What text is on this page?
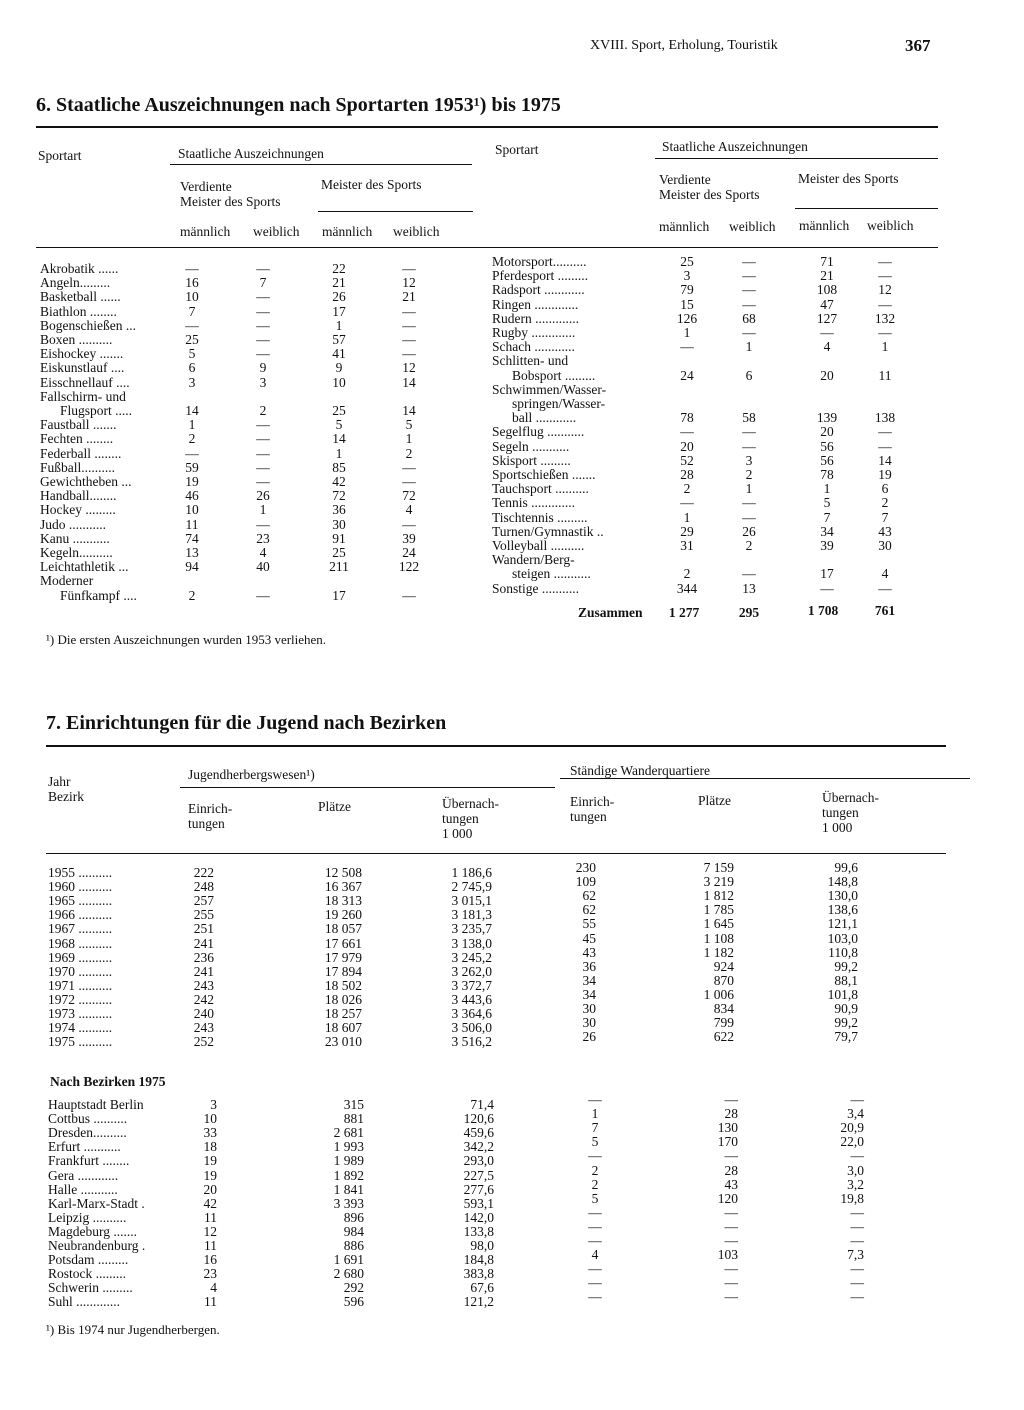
XVIII. Sport, Erholung, Touristik	367
6. Staatliche Auszeichnungen nach Sportarten 1953¹) bis 1975
Sportart	Staatliche Auszeichnungen
Verdiente
Meister des Sports
Meister des Sports
männlich weiblich männlich weiblich
Sportart	Staatliche Auszeichnungen
Verdiente
Meister des Sports
Meister des Sports
männlich weiblich männlich weiblich
Akrobatik ......	—	—	22	—
Angeln.........	16	7	21	12
Basketball ......	10	—	26	21
Biathlon ........	7	—	17	—
Bogenschießen ...	—	—	1	—
Boxen ..........	25	—	57	—
Eishockey .......	5	—	41	—
Eiskunstlauf ....	6	9	9	12
Eisschnellauf ....	3	3	10	14
Fallschirm- und
Flugsport .....	14	2	25	14
Faustball .......	1	—	5	5
Fechten ........	2	—	14	1
Federball ........	—	—	1	2
Fußball..........	59	—	85	—
Gewichtheben ...	19	—	42	—
Handball........	46	26	72	72
Hockey .........	10	1	36	4
Judo ...........	11	—	30	—
Kanu ...........	74	23	91	39
Kegeln..........	13	4	25	24
Leichtathletik ...	94	40	211	122
Moderner
Fünfkampf ....	2	—	17	—
Motorsport..........	25	—	71	—
Pferdesport .........	3	—	21	—
Radsport ............	79	—	108	12
Ringen .............	15	—	47	—
Rudern .............	126	68	127	132
Rugby .............	1	—	—	—
Schach ............	—	1	4	1
Schlitten- und
Bobsport .........	24	6	20	11
Schwimmen/Wasser-
springen/Wasser-
ball ............	78	58	139	138
Segelflug ...........	—	—	20	—
Segeln ...........	20	—	56	—
Skisport .........	52	3	56	14
Sportschießen .......	28	2	78	19
Tauchsport ..........	2	1	1	6
Tennis .............	—	—	5	2
Tischtennis .........	1	—	7	7
Turnen/Gymnastik ..	29	26	34	43
Volleyball ..........	31	2	39	30
Wandern/Berg-
steigen ...........	2	—	17	4
Sonstige ...........	344	13	—	—
Zusammen	1 277	295	1 708	761
¹) Die ersten Auszeichnungen wurden 1953 verliehen.
7. Einrichtungen für die Jugend nach Bezirken
Jahr
Bezirk
Jugendherbergswesen¹)	Ständige Wanderquartiere
Einrich-
tungen
Plätze	Übernach-
tungen
1 000
Einrich-
tungen
Plätze	Übernach-
tungen
1 000
1955 ..........	222	12 508	1 186,6	230	7 159	99,6
1960 ..........	248	16 367	2 745,9	109	3 219	148,8
1965 ..........	257	18 313	3 015,1	62	1 812	130,0
1966 ..........	255	19 260	3 181,3	62	1 785	138,6
1967 ..........	251	18 057	3 235,7	55	1 645	121,1
1968 ..........	241	17 661	3 138,0	45	1 108	103,0
1969 ..........	236	17 979	3 245,2	43	1 182	110,8
1970 ..........	241	17 894	3 262,0	36	924	99,2
1971 ..........	243	18 502	3 372,7	34	870	88,1
1972 ..........	242	18 026	3 443,6	34	1 006	101,8
1973 ..........	240	18 257	3 364,6	30	834	90,9
1974 ..........	243	18 607	3 506,0	30	799	99,2
1975 ..........	252	23 010	3 516,2	26	622	79,7
Nach Bezirken 1975
Hauptstadt Berlin	3	315	71,4	—	—	—
Cottbus ..........	10	881	120,6	1	28	3,4
Dresden..........	33	2 681	459,6	7	130	20,9
Erfurt ...........	18	1 993	342,2	5	170	22,0
Frankfurt ........	19	1 989	293,0	—	—	—
Gera ............	19	1 892	227,5	2	28	3,0
Halle ...........	20	1 841	277,6	2	43	3,2
Karl-Marx-Stadt .	42	3 393	593,1	5	120	19,8
Leipzig ..........	11	896	142,0	—	—	—
Magdeburg .......	12	984	133,8	—	—	—
Neubrandenburg .	11	886	98,0	—	—	—
Potsdam .........	16	1 691	184,8	4	103	7,3
Rostock .........	23	2 680	383,8	—	—	—
Schwerin .........	4	292	67,6	—	—	—
Suhl .............	11	596	121,2	—	—	—
¹) Bis 1974 nur Jugendherbergen.
